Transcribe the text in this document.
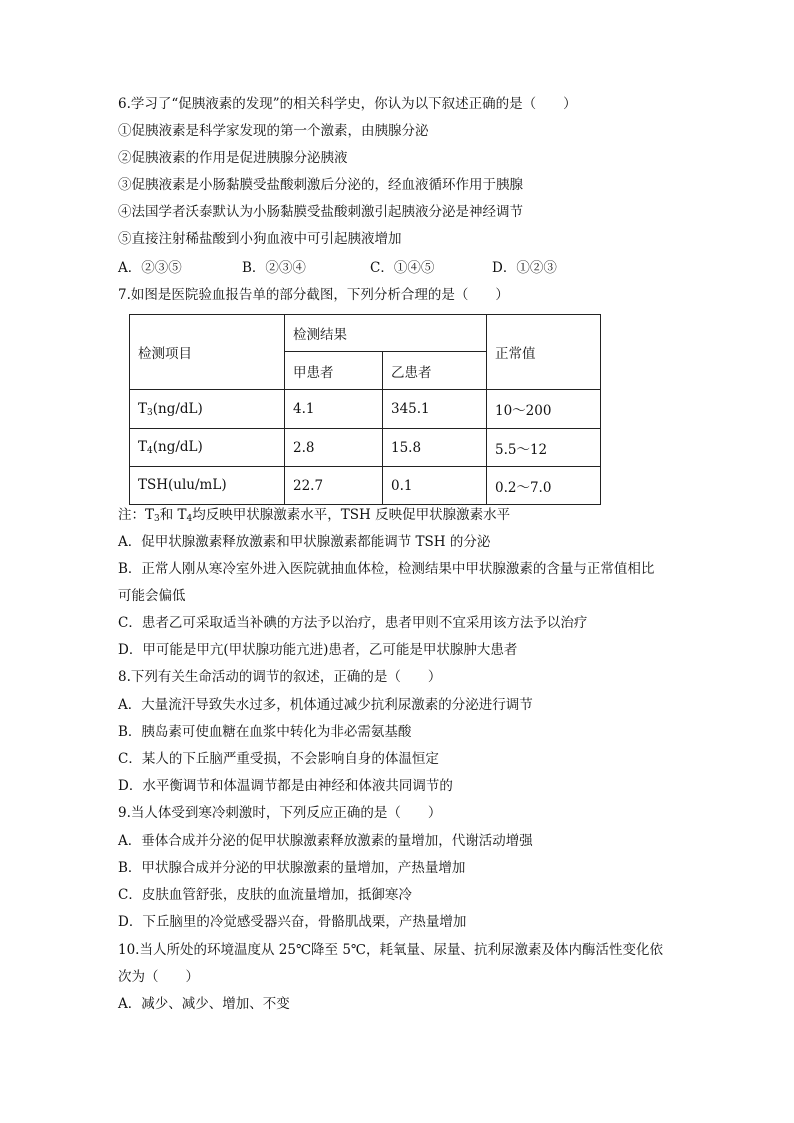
6.学习了“促胰液素的发现”的相关科学史，你认为以下叙述正确的是（　　）
①促胰液素是科学家发现的第一个激素，由胰腺分泌
②促胰液素的作用是促进胰腺分泌胰液
③促胰液素是小肠黏膜受盐酸刺激后分泌的，经血液循环作用于胰腺
④法国学者沃泰默认为小肠黏膜受盐酸刺激引起胰液分泌是神经调节
⑤直接注射稀盐酸到小狗血液中可引起胰液增加
A．②③⑤	B．②③④	C．①④⑤	D．①②③
7.如图是医院验血报告单的部分截图，下列分析合理的是（　　）
检测项目	检测结果		正常值
	甲患者	乙患者	
$T_3(ng/dL)$	4.1	345.1	10～200
$T_4(ng/dL)$	2.8	15.8	5.5～12
TSH(ulu/mL)	22.7	0.1	0.2～7.0
注：$T_3$和 $T_4$均反映甲状腺激素水平，TSH 反映促甲状腺激素水平
A．促甲状腺激素释放激素和甲状腺激素都能调节 TSH 的分泌
B．正常人刚从寒冷室外进入医院就抽血体检，检测结果中甲状腺激素的含量与正常值相比
可能会偏低
C．患者乙可采取适当补碘的方法予以治疗，患者甲则不宜采用该方法予以治疗
D．甲可能是甲亢(甲状腺功能亢进)患者，乙可能是甲状腺肿大患者
8.下列有关生命活动的调节的叙述，正确的是（　　）
A．大量流汗导致失水过多，机体通过减少抗利尿激素的分泌进行调节
B．胰岛素可使血糖在血浆中转化为非必需氨基酸
C．某人的下丘脑严重受损，不会影响自身的体温恒定
D．水平衡调节和体温调节都是由神经和体液共同调节的
9.当人体受到寒冷刺激时，下列反应正确的是（　　）
A．垂体合成并分泌的促甲状腺激素释放激素的量增加，代谢活动增强
B．甲状腺合成并分泌的甲状腺激素的量增加，产热量增加
C．皮肤血管舒张，皮肤的血流量增加，抵御寒冷
D．下丘脑里的冷觉感受器兴奋，骨骼肌战栗，产热量增加
10.当人所处的环境温度从 25℃降至 5℃，耗氧量、尿量、抗利尿激素及体内酶活性变化依
次为（　　）
A．减少、减少、增加、不变
